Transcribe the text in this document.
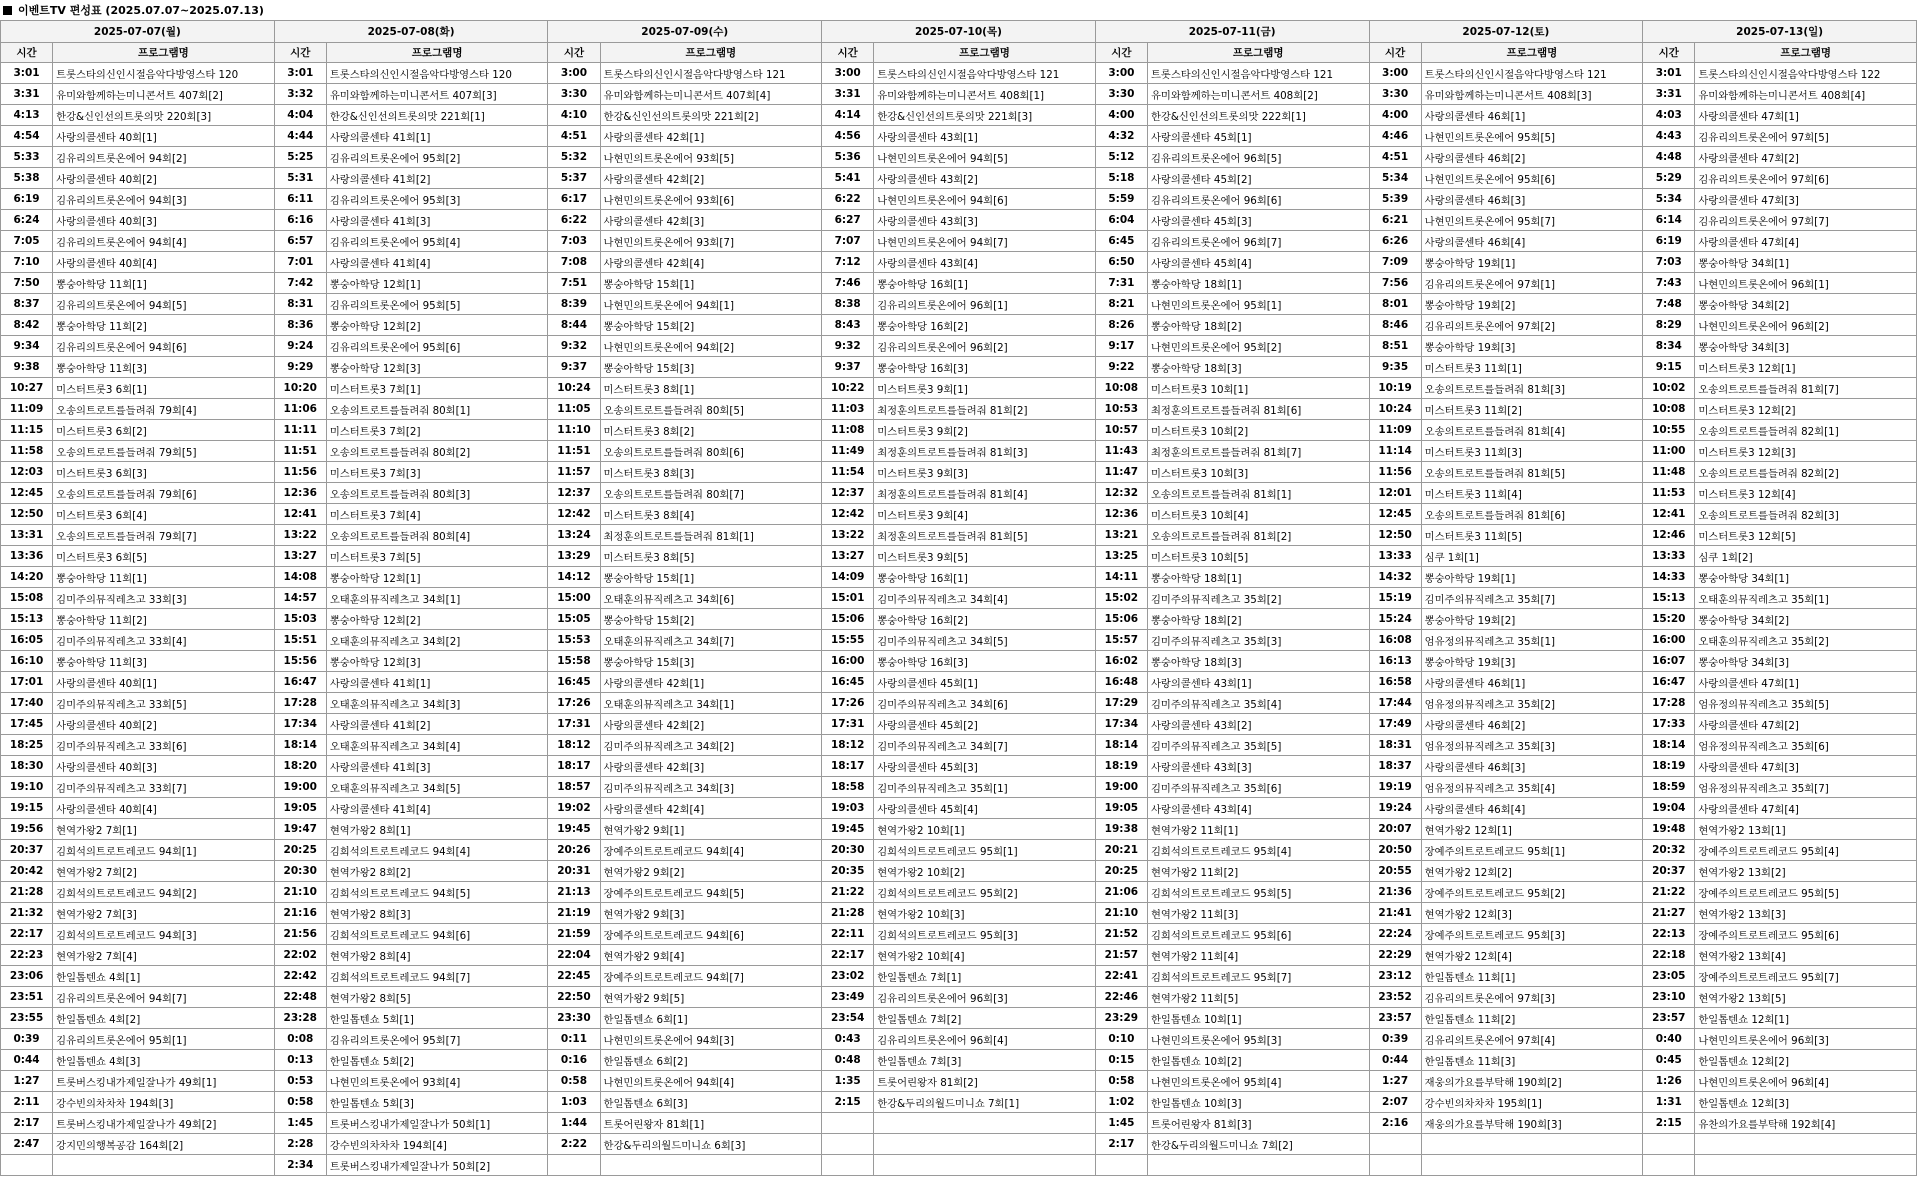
이벤트TV 편성표 (2025.07.07~2025.07.13)
2025-07-07(월)		2025-07-08(화)		2025-07-09(수)		2025-07-10(목)		2025-07-11(금)		2025-07-12(토)		2025-07-13(일)	
시간	프로그램명	시간	프로그램명	시간	프로그램명	시간	프로그램명	시간	프로그램명	시간	프로그램명	시간	프로그램명
3:01	트롯스타의신인시절음악다방영스타 120	3:01	트롯스타의신인시절음악다방영스타 120	3:00	트롯스타의신인시절음악다방영스타 121	3:00	트롯스타의신인시절음악다방영스타 121	3:00	트롯스타의신인시절음악다방영스타 121	3:00	트롯스타의신인시절음악다방영스타 121	3:01	트롯스타의신인시절음악다방영스타 122
3:31	유미와함께하는미니콘서트 407회[2]	3:32	유미와함께하는미니콘서트 407회[3]	3:30	유미와함께하는미니콘서트 407회[4]	3:31	유미와함께하는미니콘서트 408회[1]	3:30	유미와함께하는미니콘서트 408회[2]	3:30	유미와함께하는미니콘서트 408회[3]	3:31	유미와함께하는미니콘서트 408회[4]
4:13	한강&신인선의트롯의맛 220회[3]	4:04	한강&신인선의트롯의맛 221회[1]	4:10	한강&신인선의트롯의맛 221회[2]	4:14	한강&신인선의트롯의맛 221회[3]	4:00	한강&신인선의트롯의맛 222회[1]	4:00	사랑의콜센타 46회[1]	4:03	사랑의콜센타 47회[1]
4:54	사랑의콜센타 40회[1]	4:44	사랑의콜센타 41회[1]	4:51	사랑의콜센타 42회[1]	4:56	사랑의콜센타 43회[1]	4:32	사랑의콜센타 45회[1]	4:46	나현민의트롯온에어 95회[5]	4:43	김유리의트롯온에어 97회[5]
5:33	김유리의트롯온에어 94회[2]	5:25	김유리의트롯온에어 95회[2]	5:32	나현민의트롯온에어 93회[5]	5:36	나현민의트롯온에어 94회[5]	5:12	김유리의트롯온에어 96회[5]	4:51	사랑의콜센타 46회[2]	4:48	사랑의콜센타 47회[2]
5:38	사랑의콜센타 40회[2]	5:31	사랑의콜센타 41회[2]	5:37	사랑의콜센타 42회[2]	5:41	사랑의콜센타 43회[2]	5:18	사랑의콜센타 45회[2]	5:34	나현민의트롯온에어 95회[6]	5:29	김유리의트롯온에어 97회[6]
6:19	김유리의트롯온에어 94회[3]	6:11	김유리의트롯온에어 95회[3]	6:17	나현민의트롯온에어 93회[6]	6:22	나현민의트롯온에어 94회[6]	5:59	김유리의트롯온에어 96회[6]	5:39	사랑의콜센타 46회[3]	5:34	사랑의콜센타 47회[3]
6:24	사랑의콜센타 40회[3]	6:16	사랑의콜센타 41회[3]	6:22	사랑의콜센타 42회[3]	6:27	사랑의콜센타 43회[3]	6:04	사랑의콜센타 45회[3]	6:21	나현민의트롯온에어 95회[7]	6:14	김유리의트롯온에어 97회[7]
7:05	김유리의트롯온에어 94회[4]	6:57	김유리의트롯온에어 95회[4]	7:03	나현민의트롯온에어 93회[7]	7:07	나현민의트롯온에어 94회[7]	6:45	김유리의트롯온에어 96회[7]	6:26	사랑의콜센타 46회[4]	6:19	사랑의콜센타 47회[4]
7:10	사랑의콜센타 40회[4]	7:01	사랑의콜센타 41회[4]	7:08	사랑의콜센타 42회[4]	7:12	사랑의콜센타 43회[4]	6:50	사랑의콜센타 45회[4]	7:09	뽕숭아학당 19회[1]	7:03	뽕숭아학당 34회[1]
7:50	뽕숭아학당 11회[1]	7:42	뽕숭아학당 12회[1]	7:51	뽕숭아학당 15회[1]	7:46	뽕숭아학당 16회[1]	7:31	뽕숭아학당 18회[1]	7:56	김유리의트롯온에어 97회[1]	7:43	나현민의트롯온에어 96회[1]
8:37	김유리의트롯온에어 94회[5]	8:31	김유리의트롯온에어 95회[5]	8:39	나현민의트롯온에어 94회[1]	8:38	김유리의트롯온에어 96회[1]	8:21	나현민의트롯온에어 95회[1]	8:01	뽕숭아학당 19회[2]	7:48	뽕숭아학당 34회[2]
8:42	뽕숭아학당 11회[2]	8:36	뽕숭아학당 12회[2]	8:44	뽕숭아학당 15회[2]	8:43	뽕숭아학당 16회[2]	8:26	뽕숭아학당 18회[2]	8:46	김유리의트롯온에어 97회[2]	8:29	나현민의트롯온에어 96회[2]
9:34	김유리의트롯온에어 94회[6]	9:24	김유리의트롯온에어 95회[6]	9:32	나현민의트롯온에어 94회[2]	9:32	김유리의트롯온에어 96회[2]	9:17	나현민의트롯온에어 95회[2]	8:51	뽕숭아학당 19회[3]	8:34	뽕숭아학당 34회[3]
9:38	뽕숭아학당 11회[3]	9:29	뽕숭아학당 12회[3]	9:37	뽕숭아학당 15회[3]	9:37	뽕숭아학당 16회[3]	9:22	뽕숭아학당 18회[3]	9:35	미스터트롯3 11회[1]	9:15	미스터트롯3 12회[1]
10:27	미스터트롯3 6회[1]	10:20	미스터트롯3 7회[1]	10:24	미스터트롯3 8회[1]	10:22	미스터트롯3 9회[1]	10:08	미스터트롯3 10회[1]	10:19	오송의트로트를들려줘 81회[3]	10:02	오송의트로트를들려줘 81회[7]
11:09	오송의트로트를들려줘 79회[4]	11:06	오송의트로트를들려줘 80회[1]	11:05	오송의트로트를들려줘 80회[5]	11:03	최정훈의트로트를들려줘 81회[2]	10:53	최정훈의트로트를들려줘 81회[6]	10:24	미스터트롯3 11회[2]	10:08	미스터트롯3 12회[2]
11:15	미스터트롯3 6회[2]	11:11	미스터트롯3 7회[2]	11:10	미스터트롯3 8회[2]	11:08	미스터트롯3 9회[2]	10:57	미스터트롯3 10회[2]	11:09	오송의트로트를들려줘 81회[4]	10:55	오송의트로트를들려줘 82회[1]
11:58	오송의트로트를들려줘 79회[5]	11:51	오송의트로트를들려줘 80회[2]	11:51	오송의트로트를들려줘 80회[6]	11:49	최정훈의트로트를들려줘 81회[3]	11:43	최정훈의트로트를들려줘 81회[7]	11:14	미스터트롯3 11회[3]	11:00	미스터트롯3 12회[3]
12:03	미스터트롯3 6회[3]	11:56	미스터트롯3 7회[3]	11:57	미스터트롯3 8회[3]	11:54	미스터트롯3 9회[3]	11:47	미스터트롯3 10회[3]	11:56	오송의트로트를들려줘 81회[5]	11:48	오송의트로트를들려줘 82회[2]
12:45	오송의트로트를들려줘 79회[6]	12:36	오송의트로트를들려줘 80회[3]	12:37	오송의트로트를들려줘 80회[7]	12:37	최정훈의트로트를들려줘 81회[4]	12:32	오송의트로트를들려줘 81회[1]	12:01	미스터트롯3 11회[4]	11:53	미스터트롯3 12회[4]
12:50	미스터트롯3 6회[4]	12:41	미스터트롯3 7회[4]	12:42	미스터트롯3 8회[4]	12:42	미스터트롯3 9회[4]	12:36	미스터트롯3 10회[4]	12:45	오송의트로트를들려줘 81회[6]	12:41	오송의트로트를들려줘 82회[3]
13:31	오송의트로트를들려줘 79회[7]	13:22	오송의트로트를들려줘 80회[4]	13:24	최정훈의트로트를들려줘 81회[1]	13:22	최정훈의트로트를들려줘 81회[5]	13:21	오송의트로트를들려줘 81회[2]	12:50	미스터트롯3 11회[5]	12:46	미스터트롯3 12회[5]
13:36	미스터트롯3 6회[5]	13:27	미스터트롯3 7회[5]	13:29	미스터트롯3 8회[5]	13:27	미스터트롯3 9회[5]	13:25	미스터트롯3 10회[5]	13:33	심쿠 1회[1]	13:33	심쿠 1회[2]
14:20	뽕숭아학당 11회[1]	14:08	뽕숭아학당 12회[1]	14:12	뽕숭아학당 15회[1]	14:09	뽕숭아학당 16회[1]	14:11	뽕숭아학당 18회[1]	14:32	뽕숭아학당 19회[1]	14:33	뽕숭아학당 34회[1]
15:08	김미주의뮤직레츠고 33회[3]	14:57	오태훈의뮤직레츠고 34회[1]	15:00	오태훈의뮤직레츠고 34회[6]	15:01	김미주의뮤직레츠고 34회[4]	15:02	김미주의뮤직레츠고 35회[2]	15:19	김미주의뮤직레츠고 35회[7]	15:13	오태훈의뮤직레츠고 35회[1]
15:13	뽕숭아학당 11회[2]	15:03	뽕숭아학당 12회[2]	15:05	뽕숭아학당 15회[2]	15:06	뽕숭아학당 16회[2]	15:06	뽕숭아학당 18회[2]	15:24	뽕숭아학당 19회[2]	15:20	뽕숭아학당 34회[2]
16:05	김미주의뮤직레츠고 33회[4]	15:51	오태훈의뮤직레츠고 34회[2]	15:53	오태훈의뮤직레츠고 34회[7]	15:55	김미주의뮤직레츠고 34회[5]	15:57	김미주의뮤직레츠고 35회[3]	16:08	엄유정의뮤직레츠고 35회[1]	16:00	오태훈의뮤직레츠고 35회[2]
16:10	뽕숭아학당 11회[3]	15:56	뽕숭아학당 12회[3]	15:58	뽕숭아학당 15회[3]	16:00	뽕숭아학당 16회[3]	16:02	뽕숭아학당 18회[3]	16:13	뽕숭아학당 19회[3]	16:07	뽕숭아학당 34회[3]
17:01	사랑의콜센타 40회[1]	16:47	사랑의콜센타 41회[1]	16:45	사랑의콜센타 42회[1]	16:45	사랑의콜센타 45회[1]	16:48	사랑의콜센타 43회[1]	16:58	사랑의콜센타 46회[1]	16:47	사랑의콜센타 47회[1]
17:40	김미주의뮤직레츠고 33회[5]	17:28	오태훈의뮤직레츠고 34회[3]	17:26	오태훈의뮤직레츠고 34회[1]	17:26	김미주의뮤직레츠고 34회[6]	17:29	김미주의뮤직레츠고 35회[4]	17:44	엄유정의뮤직레츠고 35회[2]	17:28	엄유정의뮤직레츠고 35회[5]
17:45	사랑의콜센타 40회[2]	17:34	사랑의콜센타 41회[2]	17:31	사랑의콜센타 42회[2]	17:31	사랑의콜센타 45회[2]	17:34	사랑의콜센타 43회[2]	17:49	사랑의콜센타 46회[2]	17:33	사랑의콜센타 47회[2]
18:25	김미주의뮤직레츠고 33회[6]	18:14	오태훈의뮤직레츠고 34회[4]	18:12	김미주의뮤직레츠고 34회[2]	18:12	김미주의뮤직레츠고 34회[7]	18:14	김미주의뮤직레츠고 35회[5]	18:31	엄유정의뮤직레츠고 35회[3]	18:14	엄유정의뮤직레츠고 35회[6]
18:30	사랑의콜센타 40회[3]	18:20	사랑의콜센타 41회[3]	18:17	사랑의콜센타 42회[3]	18:17	사랑의콜센타 45회[3]	18:19	사랑의콜센타 43회[3]	18:37	사랑의콜센타 46회[3]	18:19	사랑의콜센타 47회[3]
19:10	김미주의뮤직레츠고 33회[7]	19:00	오태훈의뮤직레츠고 34회[5]	18:57	김미주의뮤직레츠고 34회[3]	18:58	김미주의뮤직레츠고 35회[1]	19:00	김미주의뮤직레츠고 35회[6]	19:19	엄유정의뮤직레츠고 35회[4]	18:59	엄유정의뮤직레츠고 35회[7]
19:15	사랑의콜센타 40회[4]	19:05	사랑의콜센타 41회[4]	19:02	사랑의콜센타 42회[4]	19:03	사랑의콜센타 45회[4]	19:05	사랑의콜센타 43회[4]	19:24	사랑의콜센타 46회[4]	19:04	사랑의콜센타 47회[4]
19:56	현역가왕2 7회[1]	19:47	현역가왕2 8회[1]	19:45	현역가왕2 9회[1]	19:45	현역가왕2 10회[1]	19:38	현역가왕2 11회[1]	20:07	현역가왕2 12회[1]	19:48	현역가왕2 13회[1]
20:37	김희석의트로트레코드 94회[1]	20:25	김희석의트로트레코드 94회[4]	20:26	장예주의트로트레코드 94회[4]	20:30	김희석의트로트레코드 95회[1]	20:21	김희석의트로트레코드 95회[4]	20:50	장예주의트로트레코드 95회[1]	20:32	장예주의트로트레코드 95회[4]
20:42	현역가왕2 7회[2]	20:30	현역가왕2 8회[2]	20:31	현역가왕2 9회[2]	20:35	현역가왕2 10회[2]	20:25	현역가왕2 11회[2]	20:55	현역가왕2 12회[2]	20:37	현역가왕2 13회[2]
21:28	김희석의트로트레코드 94회[2]	21:10	김희석의트로트레코드 94회[5]	21:13	장예주의트로트레코드 94회[5]	21:22	김희석의트로트레코드 95회[2]	21:06	김희석의트로트레코드 95회[5]	21:36	장예주의트로트레코드 95회[2]	21:22	장예주의트로트레코드 95회[5]
21:32	현역가왕2 7회[3]	21:16	현역가왕2 8회[3]	21:19	현역가왕2 9회[3]	21:28	현역가왕2 10회[3]	21:10	현역가왕2 11회[3]	21:41	현역가왕2 12회[3]	21:27	현역가왕2 13회[3]
22:17	김희석의트로트레코드 94회[3]	21:56	김희석의트로트레코드 94회[6]	21:59	장예주의트로트레코드 94회[6]	22:11	김희석의트로트레코드 95회[3]	21:52	김희석의트로트레코드 95회[6]	22:24	장예주의트로트레코드 95회[3]	22:13	장예주의트로트레코드 95회[6]
22:23	현역가왕2 7회[4]	22:02	현역가왕2 8회[4]	22:04	현역가왕2 9회[4]	22:17	현역가왕2 10회[4]	21:57	현역가왕2 11회[4]	22:29	현역가왕2 12회[4]	22:18	현역가왕2 13회[4]
23:06	한일톱텐쇼 4회[1]	22:42	김희석의트로트레코드 94회[7]	22:45	장예주의트로트레코드 94회[7]	23:02	한일톱텐쇼 7회[1]	22:41	김희석의트로트레코드 95회[7]	23:12	한일톱텐쇼 11회[1]	23:05	장예주의트로트레코드 95회[7]
23:51	김유리의트롯온에어 94회[7]	22:48	현역가왕2 8회[5]	22:50	현역가왕2 9회[5]	23:49	김유리의트롯온에어 96회[3]	22:46	현역가왕2 11회[5]	23:52	김유리의트롯온에어 97회[3]	23:10	현역가왕2 13회[5]
23:55	한일톱텐쇼 4회[2]	23:28	한일톱텐쇼 5회[1]	23:30	한일톱텐쇼 6회[1]	23:54	한일톱텐쇼 7회[2]	23:29	한일톱텐쇼 10회[1]	23:57	한일톱텐쇼 11회[2]	23:57	한일톱텐쇼 12회[1]
0:39	김유리의트롯온에어 95회[1]	0:08	김유리의트롯온에어 95회[7]	0:11	나현민의트롯온에어 94회[3]	0:43	김유리의트롯온에어 96회[4]	0:10	나현민의트롯온에어 95회[3]	0:39	김유리의트롯온에어 97회[4]	0:40	나현민의트롯온에어 96회[3]
0:44	한일톱텐쇼 4회[3]	0:13	한일톱텐쇼 5회[2]	0:16	한일톱텐쇼 6회[2]	0:48	한일톱텐쇼 7회[3]	0:15	한일톱텐쇼 10회[2]	0:44	한일톱텐쇼 11회[3]	0:45	한일톱텐쇼 12회[2]
1:27	트롯버스킹내가제일잘나가 49회[1]	0:53	나현민의트롯온에어 93회[4]	0:58	나현민의트롯온에어 94회[4]	1:35	트롯어린왕자 81회[2]	0:58	나현민의트롯온에어 95회[4]	1:27	재웅의가요를부탁해 190회[2]	1:26	나현민의트롯온에어 96회[4]
2:11	강수빈의차차차 194회[3]	0:58	한일톱텐쇼 5회[3]	1:03	한일톱텐쇼 6회[3]	2:15	한강&두리의월드미니쇼 7회[1]	1:02	한일톱텐쇼 10회[3]	2:07	강수빈의차차차 195회[1]	1:31	한일톱텐쇼 12회[3]
2:17	트롯버스킹내가제일잘나가 49회[2]	1:45	트롯버스킹내가제일잘나가 50회[1]	1:44	트롯어린왕자 81회[1]			1:45	트롯어린왕자 81회[3]	2:16	재웅의가요를부탁해 190회[3]	2:15	유찬의가요를부탁해 192회[4]
2:47	강지민의행복공감 164회[2]	2:28	강수빈의차차차 194회[4]	2:22	한강&두리의월드미니쇼 6회[3]			2:17	한강&두리의월드미니쇼 7회[2]				
		2:34	트롯버스킹내가제일잘나가 50회[2]										
